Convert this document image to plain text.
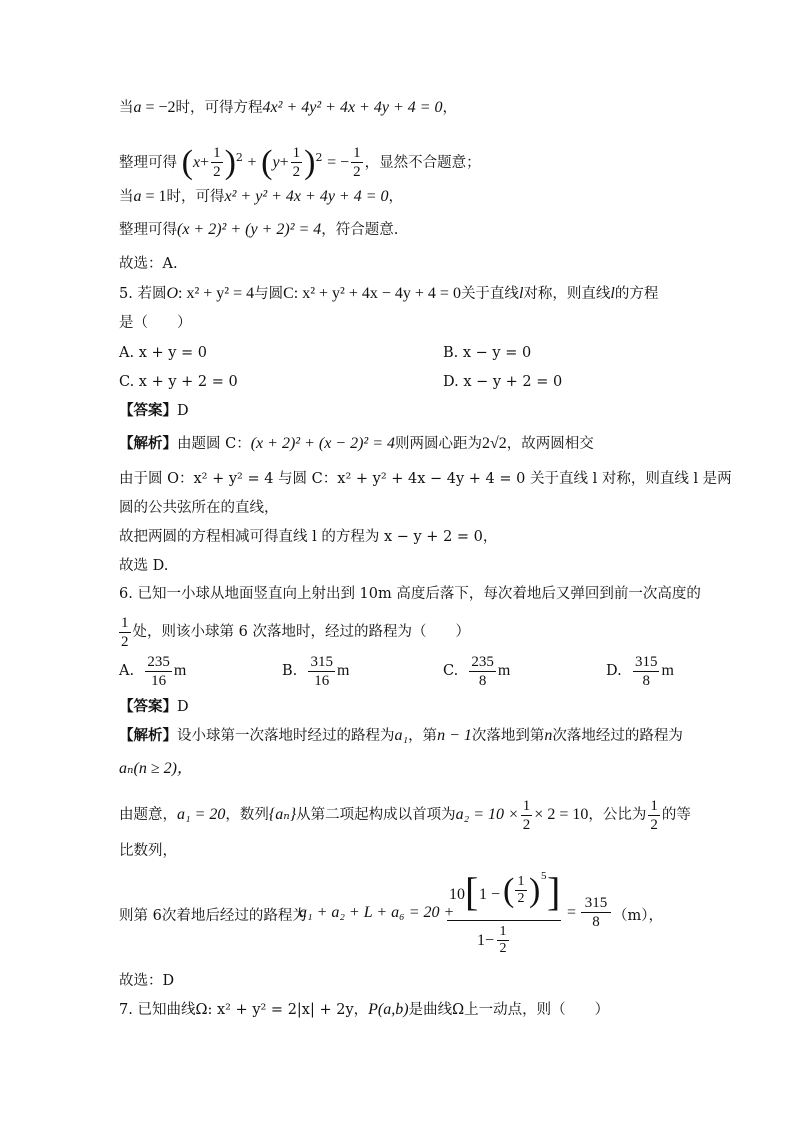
当a = −2时，可得方程4x² + 4y² + 4x + 4y + 4 = 0，
整理可得 $(x+ \frac{1}{2} )^2 + (y+ \frac{1}{2} )^2$ = − $\frac{1}{2}$ ，显然不合题意；
当a = 1时，可得x² + y² + 4x + 4y + 4 = 0，
整理可得(x + 2)² + (y + 2)² = 4，符合题意.
故选：A.
5. 若圆O: x² + y² = 4与圆C: x² + y² + 4x − 4y + 4 = 0关于直线l对称，则直线l的方程
是（　　）
A. x + y = 0	B. x − y = 0
C. x + y + 2 = 0	D. x − y + 2 = 0
【答案】D
【解析】由题圆 C：(x + 2)² + (x − 2)² = 4则两圆心距为2√2，故两圆相交
由于圆 O：x² + y² = 4 与圆 C：x² + y² + 4x − 4y + 4 = 0 关于直线 l 对称，则直线 l 是两
圆的公共弦所在的直线，
故把两圆的方程相减可得直线 l 的方程为 x − y + 2 = 0，
故选 D.
6. 已知一小球从地面竖直向上射出到 10m 高度后落下，每次着地后又弹回到前一次高度的
$\frac{1}{2}$ 处，则该小球第 6 次落地时，经过的路程为（　　）
A. $\frac{235}{16}$ m	B. $\frac{315}{16}$ m	C. $\frac{235}{8}$ m	D. $\frac{315}{8}$ m
【答案】D
【解析】设小球第一次落地时经过的路程为a₁，第n − 1次落地到第n次落地经过的路程为
aₙ(n ≥ 2)，
由题意，a₁ = 20，数列{aₙ}从第二项起构成以首项为$a_2 = 10 \times \frac{1}{2} \times 2 = 10$，公比为 $\frac{1}{2}$ 的等
比数列，
则第 6次着地后经过的路程为
a₁ + a₂ + L + a₆ = 20 +
10 [ 1 − ( 1

2 ) 5 ]
1−
1

2
=
315

8 （m），
故选：D
7. 已知曲线Ω: x² + y² = 2|x| + 2y，P(a,b)是曲线Ω上一动点，则（　　）
